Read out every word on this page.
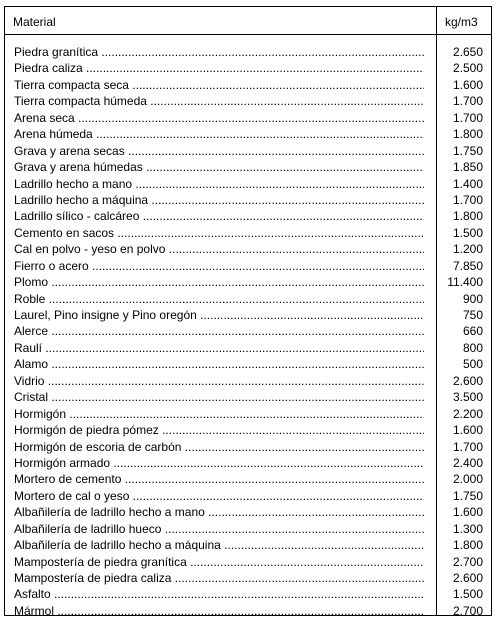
Material	kg/m3
Piedra granítica .....	2.650
Piedra caliza .....	2.500
Tierra compacta seca .....	1.600
Tierra compacta húmeda .....	1.700
Arena seca .....	1.700
Arena húmeda .....	1.800
Grava y arena secas .....	1.750
Grava y arena húmedas .....	1.850
Ladrillo hecho a mano .....	1.400
Ladrillo hecho a máquina .....	1.700
Ladrillo sílico - calcáreo .....	1.800
Cemento en sacos .....	1.500
Cal en polvo - yeso en polvo .....	1.200
Fierro o acero .....	7.850
Plomo .....	11.400
Roble .....	900
Laurel, Pino insigne y Pino oregón .....	750
Alerce .....	660
Raulí .....	800
Alamo .....	500
Vidrio .....	2.600
Cristal .....	3.500
Hormigón .....	2.200
Hormigón de piedra pómez .....	1.600
Hormigón de escoria de carbón .....	1.700
Hormigón armado .....	2.400
Mortero de cemento .....	2.000
Mortero de cal o yeso .....	1.750
Albañilería de ladrillo hecho a mano .....	1.600
Albañilería de ladrillo hueco .....	1.300
Albañilería de ladrillo hecho a máquina .....	1.800
Mampostería de piedra granítica .....	2.700
Mampostería de piedra caliza .....	2.600
Asfalto .....	1.500
Mármol .....	2.700
